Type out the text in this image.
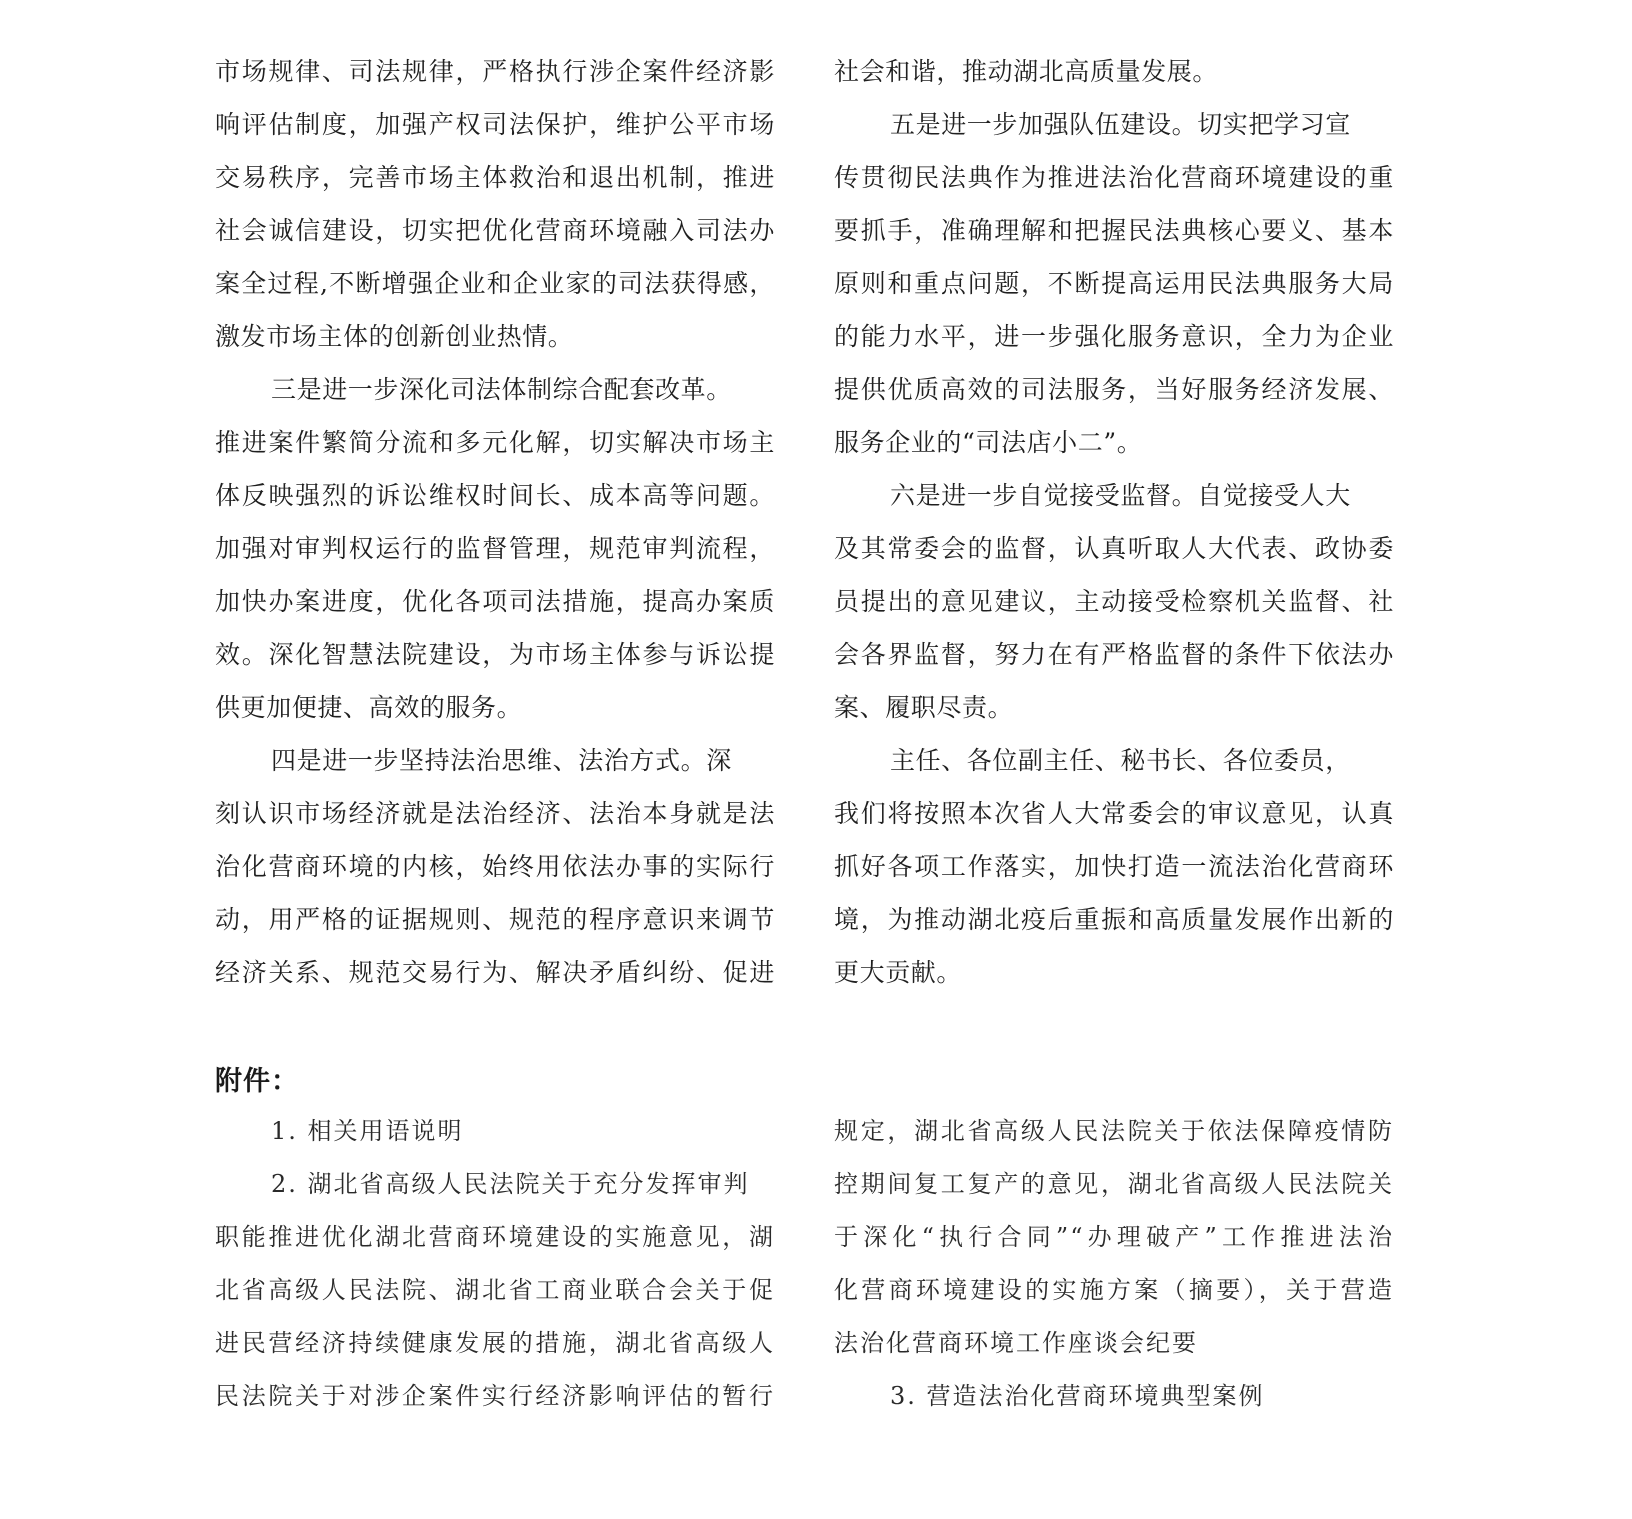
市场规律、司法规律，严格执行涉企案件经济影
响评估制度，加强产权司法保护，维护公平市场
交易秩序，完善市场主体救治和退出机制，推进
社会诚信建设，切实把优化营商环境融入司法办
案全过程,不断增强企业和企业家的司法获得感，
激发市场主体的创新创业热情。
三是进一步深化司法体制综合配套改革。
推进案件繁简分流和多元化解，切实解决市场主
体反映强烈的诉讼维权时间长、成本高等问题。
加强对审判权运行的监督管理，规范审判流程，
加快办案进度，优化各项司法措施，提高办案质
效。深化智慧法院建设，为市场主体参与诉讼提
供更加便捷、高效的服务。
四是进一步坚持法治思维、法治方式。深
刻认识市场经济就是法治经济、法治本身就是法
治化营商环境的内核，始终用依法办事的实际行
动，用严格的证据规则、规范的程序意识来调节
经济关系、规范交易行为、解决矛盾纠纷、促进
社会和谐，推动湖北高质量发展。
五是进一步加强队伍建设。切实把学习宣
传贯彻民法典作为推进法治化营商环境建设的重
要抓手，准确理解和把握民法典核心要义、基本
原则和重点问题，不断提高运用民法典服务大局
的能力水平，进一步强化服务意识，全力为企业
提供优质高效的司法服务，当好服务经济发展、
服务企业的“司法店小二”。
六是进一步自觉接受监督。自觉接受人大
及其常委会的监督，认真听取人大代表、政协委
员提出的意见建议，主动接受检察机关监督、社
会各界监督，努力在有严格监督的条件下依法办
案、履职尽责。
主任、各位副主任、秘书长、各位委员，
我们将按照本次省人大常委会的审议意见，认真
抓好各项工作落实，加快打造一流法治化营商环
境，为推动湖北疫后重振和高质量发展作出新的
更大贡献。
附件：
1. 相关用语说明
2. 湖北省高级人民法院关于充分发挥审判
职能推进优化湖北营商环境建设的实施意见，湖
北省高级人民法院、湖北省工商业联合会关于促
进民营经济持续健康发展的措施，湖北省高级人
民法院关于对涉企案件实行经济影响评估的暂行
规定，湖北省高级人民法院关于依法保障疫情防
控期间复工复产的意见，湖北省高级人民法院关
于深化“执行合同”“办理破产”工作推进法治
化营商环境建设的实施方案（摘要），关于营造
法治化营商环境工作座谈会纪要
3. 营造法治化营商环境典型案例
